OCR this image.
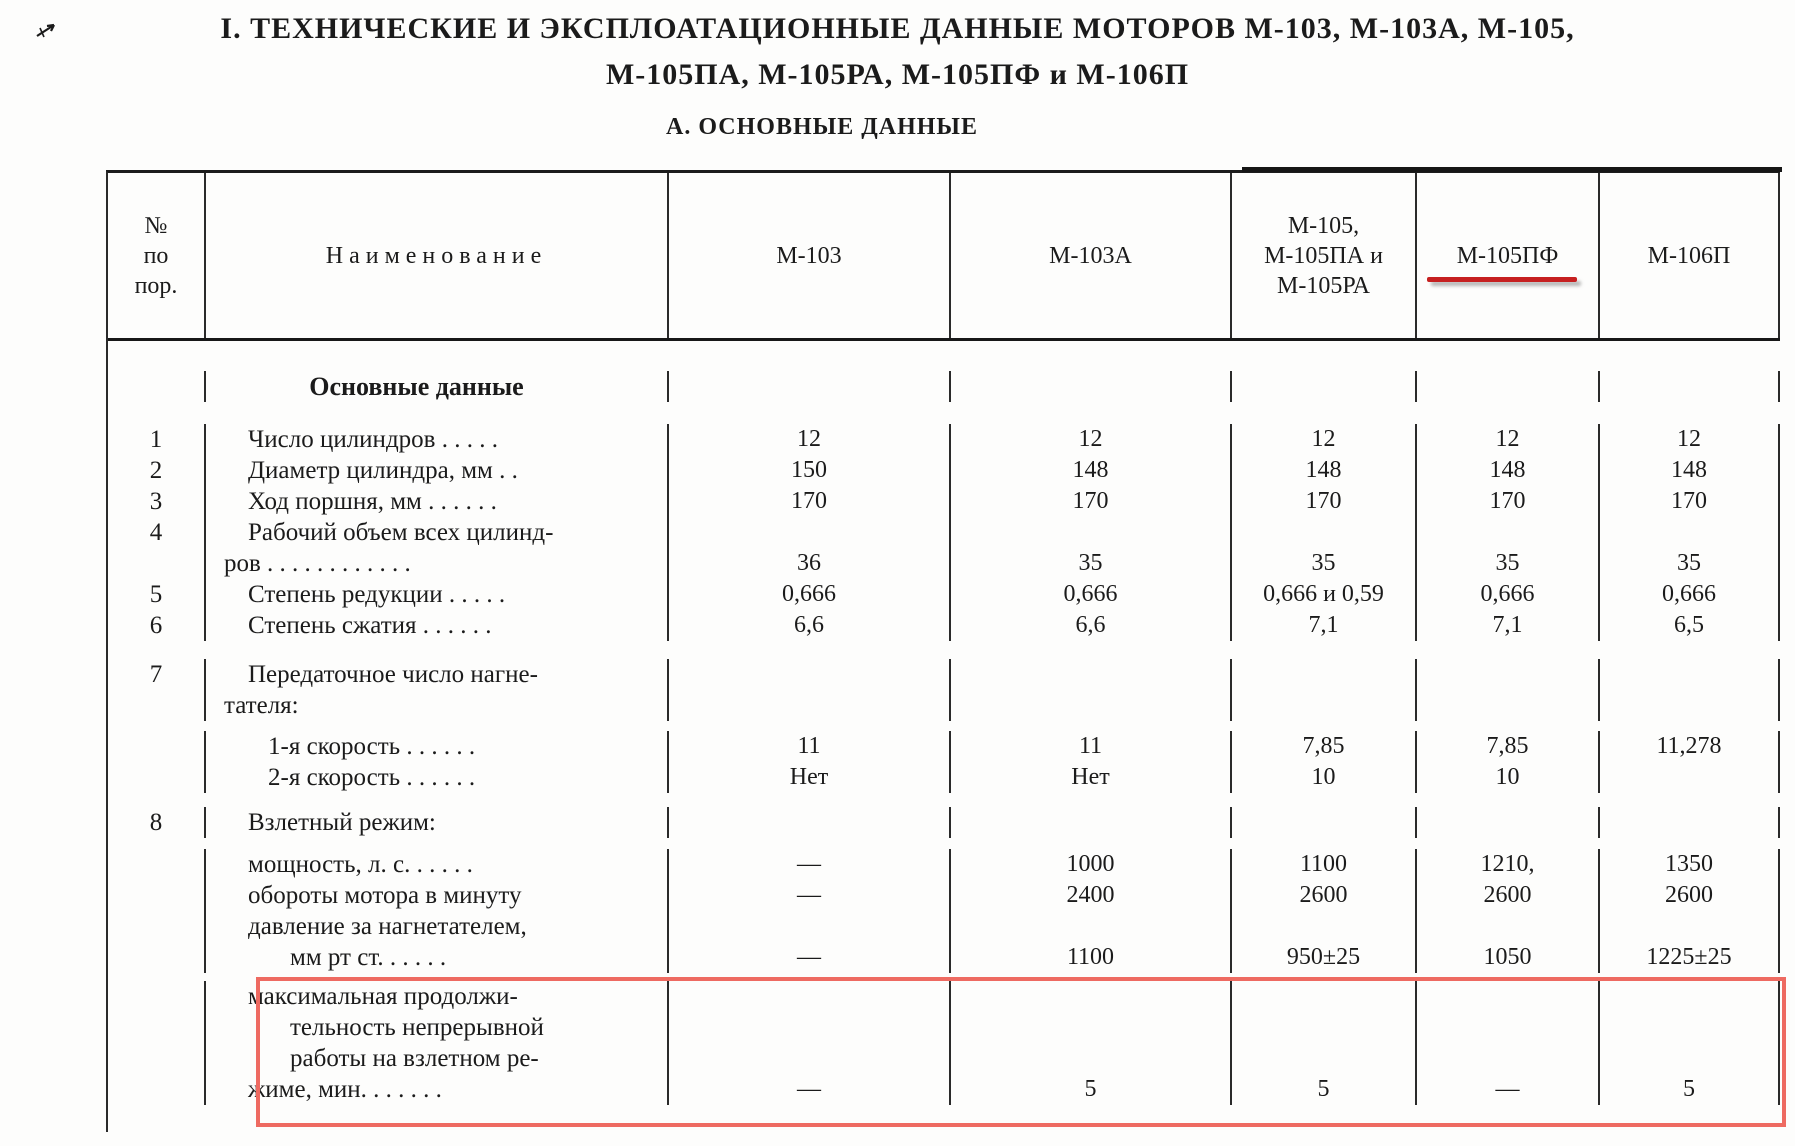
I. ТЕХНИЧЕСКИЕ И ЭКСПЛОАТАЦИОННЫЕ ДАННЫЕ МОТОРОВ М-103, М-103А, М-105,
М-105ПА, М-105РА, М-105ПФ и М-106П
А. ОСНОВНЫЕ ДАННЫЕ
№
по
пор.
Наименование	М-103	М-103А
М-105,
М-105ПА и
М-105РА
М-105ПФ	М-106П
Основные данные
1	Число цилиндров . . . . .	12	12	12	12	12
2	Диаметр цилиндра, мм . .	150	148	148	148	148
3	Ход поршня, мм . . . . . .	170	170	170	170	170
4	Рабочий объем всех цилинд-
ров . . . . . . . . . . . .	36	35	35	35	35
5	Степень редукции . . . . .	0,666	0,666	0,666 и 0,59	0,666	0,666
6	Степень сжатия . . . . . .	6,6	6,6	7,1	7,1	6,5
7	Передаточное число нагне-
тателя:
1-я скорость . . . . . .	11	11	7,85	7,85	11,278
2-я скорость . . . . . .	Нет	Нет	10	10
8	Взлетный режим:
мощность, л. с. . . . . .	—	1000	1100	1210,	1350
обороты мотора в минуту	—	2400	2600	2600	2600
давление за нагнетателем,
мм рт ст. . . . . .	—	1100	950±25	1050	1225±25
максимальная продолжи-
тельность непрерывной
работы на взлетном ре-
жиме, мин. . . . . . .	—	5	5	—	5
